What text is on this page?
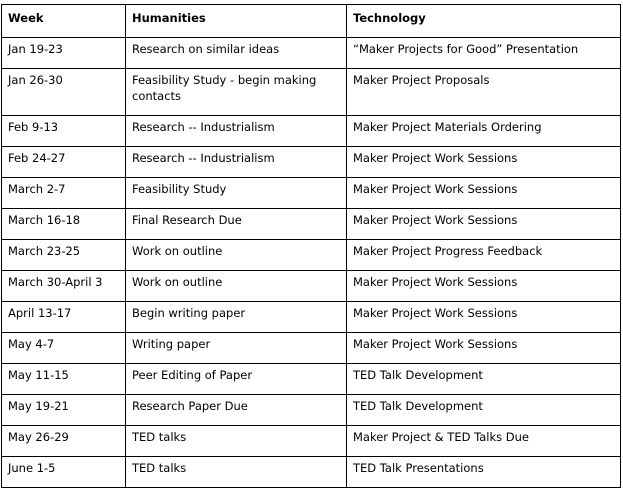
Week	Humanities	Technology
Jan 19-23	Research on similar ideas	“Maker Projects for Good” Presentation
Jan 26-30	Feasibility Study - begin making contacts	Maker Project Proposals
Feb 9-13	Research -- Industrialism	Maker Project Materials Ordering
Feb 24-27	Research -- Industrialism	Maker Project Work Sessions
March 2-7	Feasibility Study	Maker Project Work Sessions
March 16-18	Final Research Due	Maker Project Work Sessions
March 23-25	Work on outline	Maker Project Progress Feedback
March 30-April 3	Work on outline	Maker Project Work Sessions
April 13-17	Begin writing paper	Maker Project Work Sessions
May 4-7	Writing paper	Maker Project Work Sessions
May 11-15	Peer Editing of Paper	TED Talk Development
May 19-21	Research Paper Due	TED Talk Development
May 26-29	TED talks	Maker Project & TED Talks Due
June 1-5	TED talks	TED Talk Presentations
